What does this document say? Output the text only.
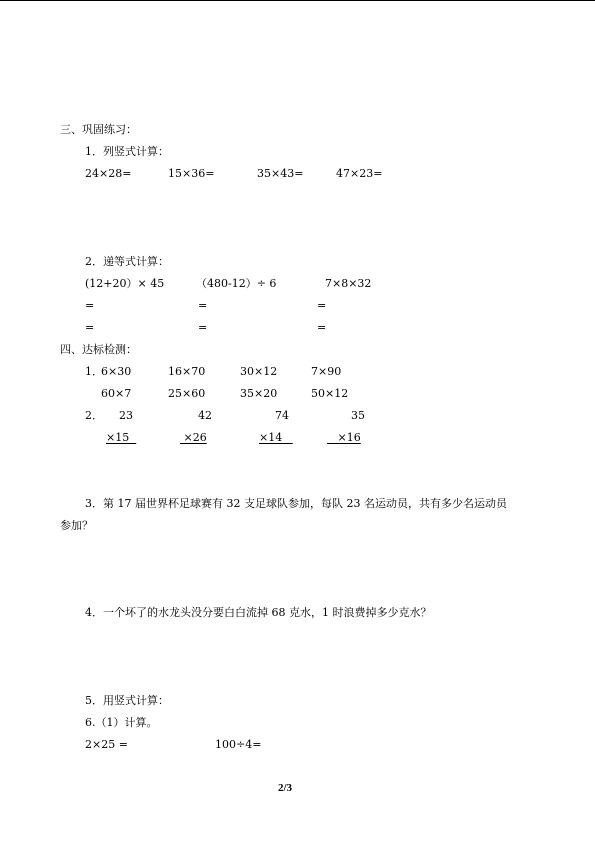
三、巩固练习：
1．列竖式计算：
24×28=	15×36=	35×43=	47×23=
2．递等式计算：
(12+20）× 45	（480-12）÷ 6	7×8×32
=	=	=
=	=	=
四、达标检测：
1．
6×30	16×70	30×12	7×90
60×7	25×60	35×20	50×12
2． 23	42	74	35
×15	×26	×14	×16
3．第 17 届世界杯足球赛有 32 支足球队参加，每队 23 名运动员，共有多少名运动员
参加？
4．一个坏了的水龙头没分要白白流掉 68 克水，1 时浪费掉多少克水？
5．用竖式计算：
6.（1）计算。
2×25 =	100÷4=
2/3
